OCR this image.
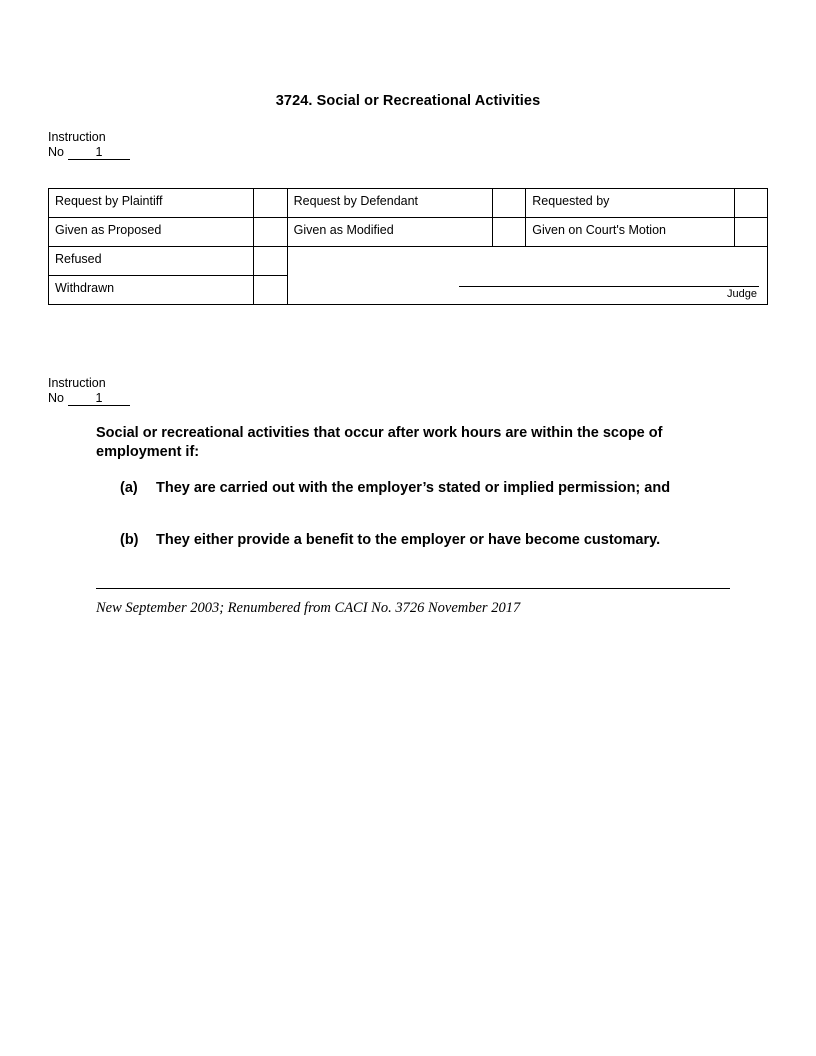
3724. Social or Recreational Activities
Instruction
No	1
Request by Plaintiff		Request by Defendant		Requested by	
Given as Proposed		Given as Modified		Given on Court's Motion	
Refused		Judge			

Withdrawn					
Instruction
No	1
Social or recreational activities that occur after work hours are within the scope of employment if:
(a)	They are carried out with the employer’s stated or implied permission; and
(b)	They either provide a benefit to the employer or have become customary.
New September 2003; Renumbered from CACI No. 3726 November 2017
